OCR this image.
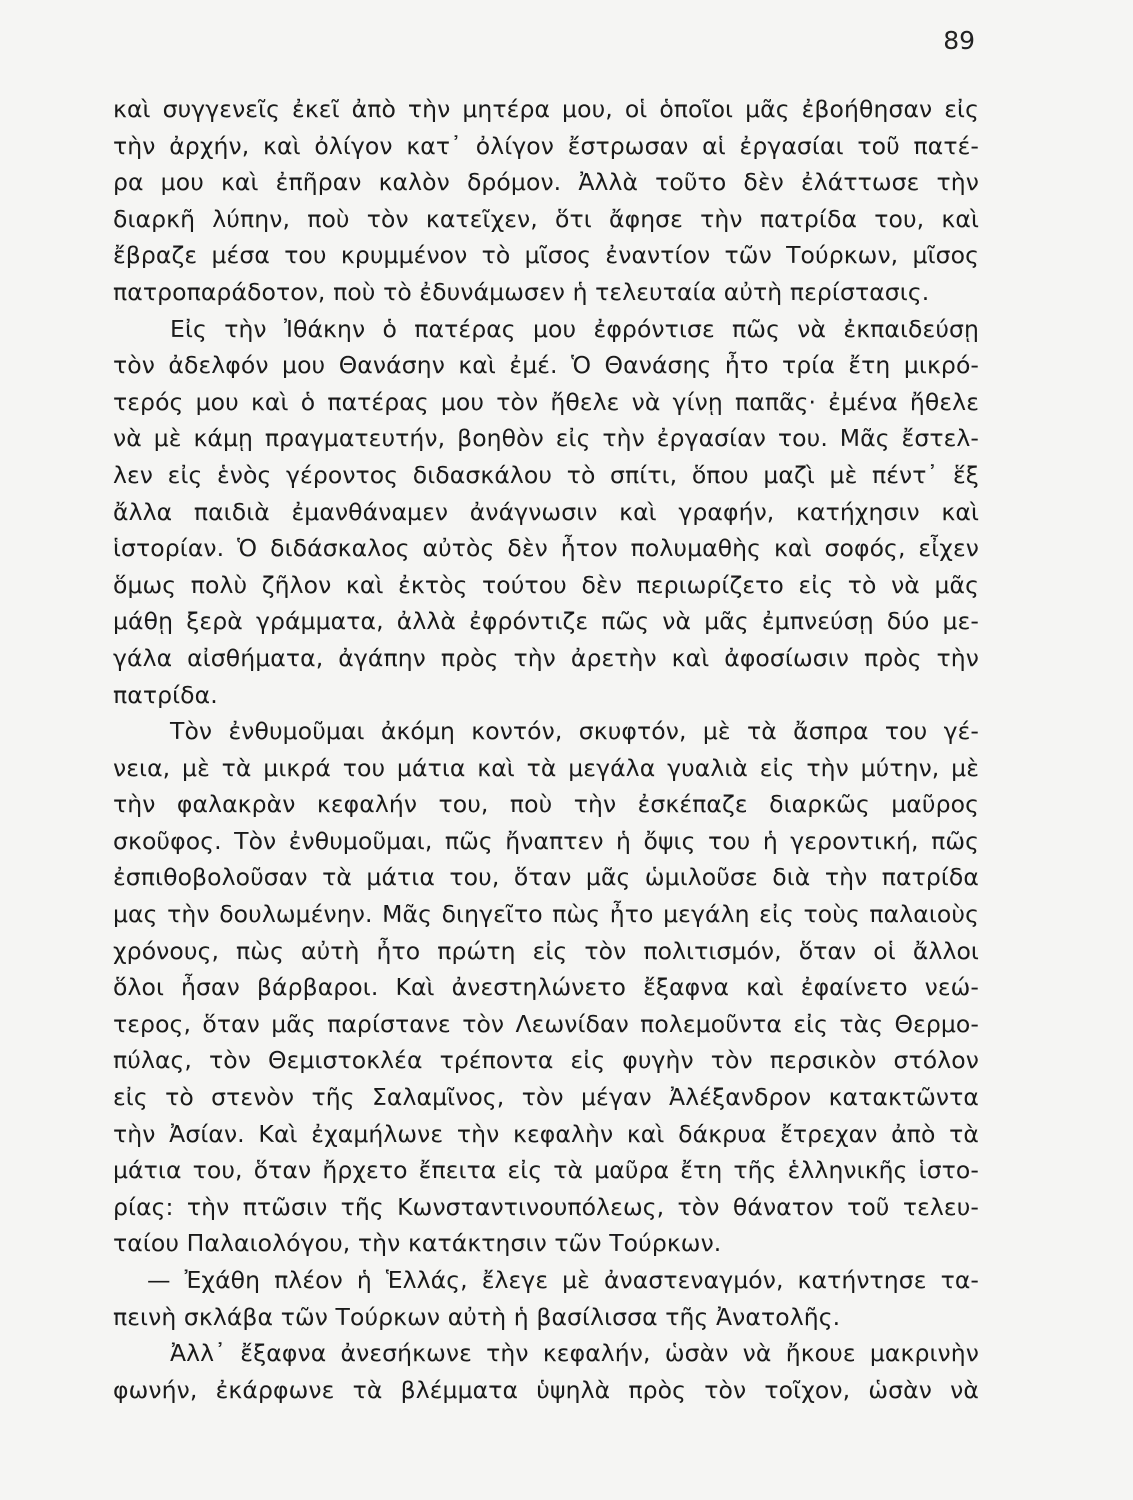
89
καὶ συγγενεῖς ἐκεῖ ἀπὸ τὴν μητέρα μου, οἱ ὁποῖοι μᾶς ἐβοήθησαν εἰς
τὴν ἀρχήν, καὶ ὀλίγον κατ᾽ ὀλίγον ἔστρωσαν αἱ ἐργασίαι τοῦ πατέ-
ρα μου καὶ ἐπῆραν καλὸν δρόμον. Ἀλλὰ τοῦτο δὲν ἐλάττωσε τὴν
διαρκῆ λύπην, ποὺ τὸν κατεῖχεν, ὅτι ἄφησε τὴν πατρίδα του, καὶ
ἔβραζε μέσα του κρυμμένον τὸ μῖσος ἐναντίον τῶν Τούρκων, μῖσος
πατροπαράδοτον, ποὺ τὸ ἐδυνάμωσεν ἡ τελευταία αὐτὴ περίστασις.
Εἰς τὴν Ἰθάκην ὁ πατέρας μου ἐφρόντισε πῶς νὰ ἐκπαιδεύσῃ
τὸν ἀδελφόν μου Θανάσην καὶ ἐμέ. Ὁ Θανάσης ἦτο τρία ἔτη μικρό-
τερός μου καὶ ὁ πατέρας μου τὸν ἤθελε νὰ γίνῃ παπᾶς· ἐμένα ἤθελε
νὰ μὲ κάμῃ πραγματευτήν, βοηθὸν εἰς τὴν ἐργασίαν του. Μᾶς ἔστελ-
λεν εἰς ἑνὸς γέροντος διδασκάλου τὸ σπίτι, ὅπου μαζὶ μὲ πέντ᾽ ἕξ
ἄλλα παιδιὰ ἐμανθάναμεν ἀνάγνωσιν καὶ γραφήν, κατήχησιν καὶ
ἱστορίαν. Ὁ διδάσκαλος αὐτὸς δὲν ἦτον πολυμαθὴς καὶ σοφός, εἶχεν
ὅμως πολὺ ζῆλον καὶ ἐκτὸς τούτου δὲν περιωρίζετο εἰς τὸ νὰ μᾶς
μάθῃ ξερὰ γράμματα, ἀλλὰ ἐφρόντιζε πῶς νὰ μᾶς ἐμπνεύσῃ δύο με-
γάλα αἰσθήματα, ἀγάπην πρὸς τὴν ἀρετὴν καὶ ἀφοσίωσιν πρὸς τὴν
πατρίδα.
Τὸν ἐνθυμοῦμαι ἀκόμη κοντόν, σκυφτόν, μὲ τὰ ἄσπρα του γέ-
νεια, μὲ τὰ μικρά του μάτια καὶ τὰ μεγάλα γυαλιὰ εἰς τὴν μύτην, μὲ
τὴν φαλακρὰν κεφαλήν του, ποὺ τὴν ἐσκέπαζε διαρκῶς μαῦρος
σκοῦφος. Τὸν ἐνθυμοῦμαι, πῶς ἤναπτεν ἡ ὄψις του ἡ γεροντική, πῶς
ἐσπιθοβολοῦσαν τὰ μάτια του, ὅταν μᾶς ὡμιλοῦσε διὰ τὴν πατρίδα
μας τὴν δουλωμένην. Μᾶς διηγεῖτο πὼς ἦτο μεγάλη εἰς τοὺς παλαιοὺς
χρόνους, πὼς αὐτὴ ἦτο πρώτη εἰς τὸν πολιτισμόν, ὅταν οἱ ἄλλοι
ὅλοι ἦσαν βάρβαροι. Καὶ ἀνεστηλώνετο ἔξαφνα καὶ ἐφαίνετο νεώ-
τερος, ὅταν μᾶς παρίστανε τὸν Λεωνίδαν πολεμοῦντα εἰς τὰς Θερμο-
πύλας, τὸν Θεμιστοκλέα τρέποντα εἰς φυγὴν τὸν περσικὸν στόλον
εἰς τὸ στενὸν τῆς Σαλαμῖνος, τὸν μέγαν Ἀλέξανδρον κατακτῶντα
τὴν Ἀσίαν. Καὶ ἐχαμήλωνε τὴν κεφαλὴν καὶ δάκρυα ἔτρεχαν ἀπὸ τὰ
μάτια του, ὅταν ἤρχετο ἔπειτα εἰς τὰ μαῦρα ἔτη τῆς ἑλληνικῆς ἱστο-
ρίας: τὴν πτῶσιν τῆς Κωνσταντινουπόλεως, τὸν θάνατον τοῦ τελευ-
ταίου Παλαιολόγου, τὴν κατάκτησιν τῶν Τούρκων.
— Ἐχάθη πλέον ἡ Ἑλλάς, ἔλεγε μὲ ἀναστεναγμόν, κατήντησε τα-
πεινὴ σκλάβα τῶν Τούρκων αὐτὴ ἡ βασίλισσα τῆς Ἀνατολῆς.
Ἀλλ᾽ ἔξαφνα ἀνεσήκωνε τὴν κεφαλήν, ὡσὰν νὰ ἤκουε μακρινὴν
φωνήν, ἐκάρφωνε τὰ βλέμματα ὑψηλὰ πρὸς τὸν τοῖχον, ὡσὰν νὰ
